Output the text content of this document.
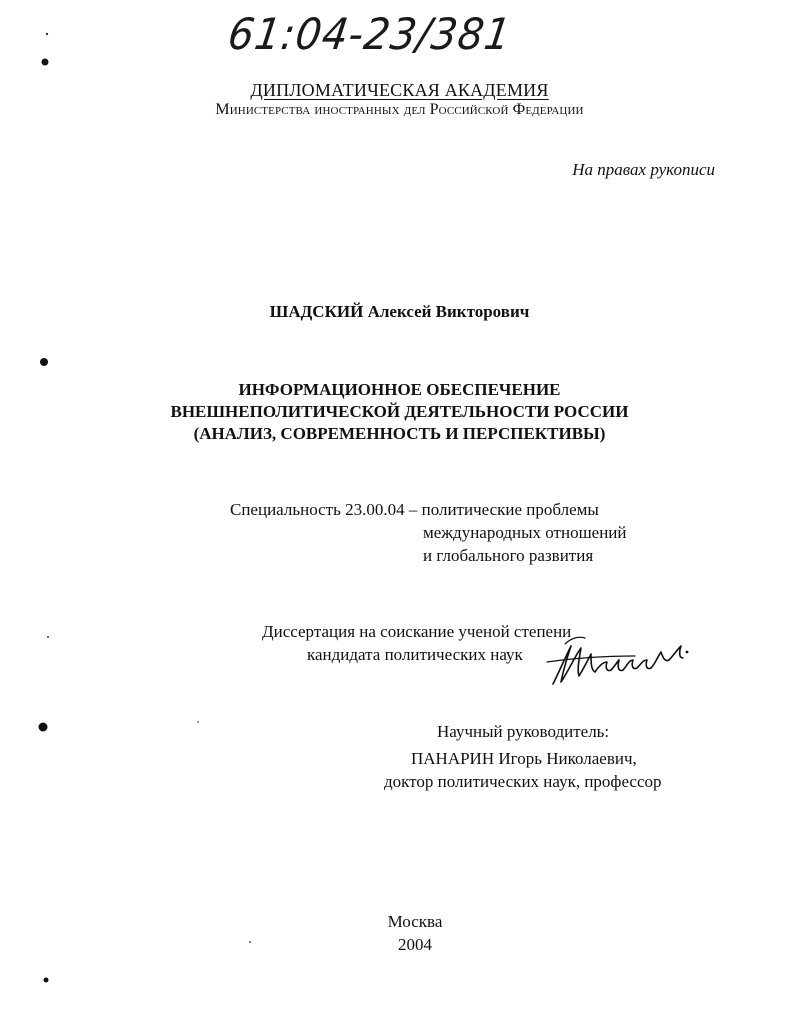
61:04-23/381
ДИПЛОМАТИЧЕСКАЯ АКАДЕМИЯ
Министерства иностранных дел Российской Федерации
На правах рукописи
ШАДСКИЙ Алексей Викторович
ИНФОРМАЦИОННОЕ ОБЕСПЕЧЕНИЕ
ВНЕШНЕПОЛИТИЧЕСКОЙ ДЕЯТЕЛЬНОСТИ РОССИИ
(АНАЛИЗ, СОВРЕМЕННОСТЬ И ПЕРСПЕКТИВЫ)
Специальность 23.00.04 – политические проблемы
международных отношений
и глобального развития
Диссертация на соискание ученой степени
кандидата политических наук
Научный руководитель:
ПАНАРИН Игорь Николаевич,
доктор политических наук, профессор
Москва
2004
